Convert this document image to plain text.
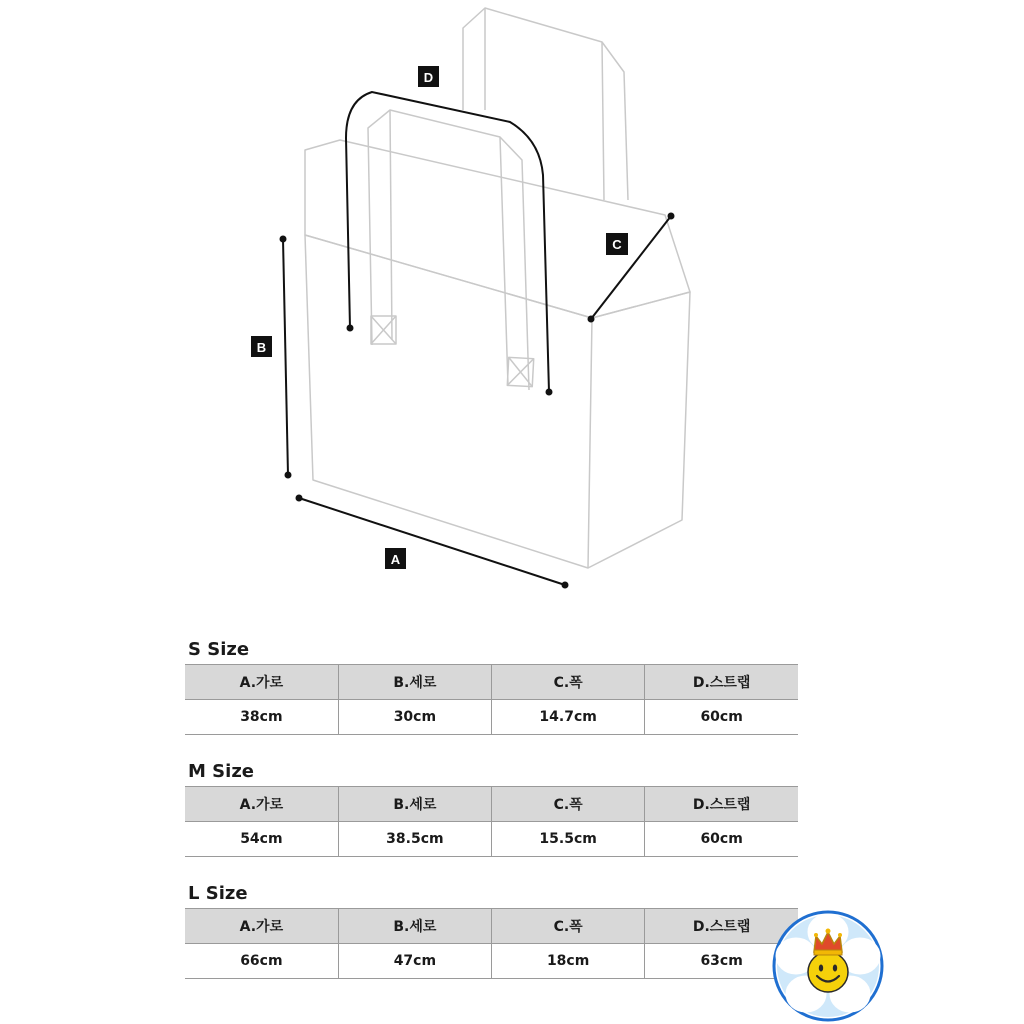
A
B
C
D
S Size
A.가로	B.세로	C.폭	D.스트랩
38cm	30cm	14.7cm	60cm
M Size
A.가로	B.세로	C.폭	D.스트랩
54cm	38.5cm	15.5cm	60cm
L Size
A.가로	B.세로	C.폭	D.스트랩
66cm	47cm	18cm	63cm
